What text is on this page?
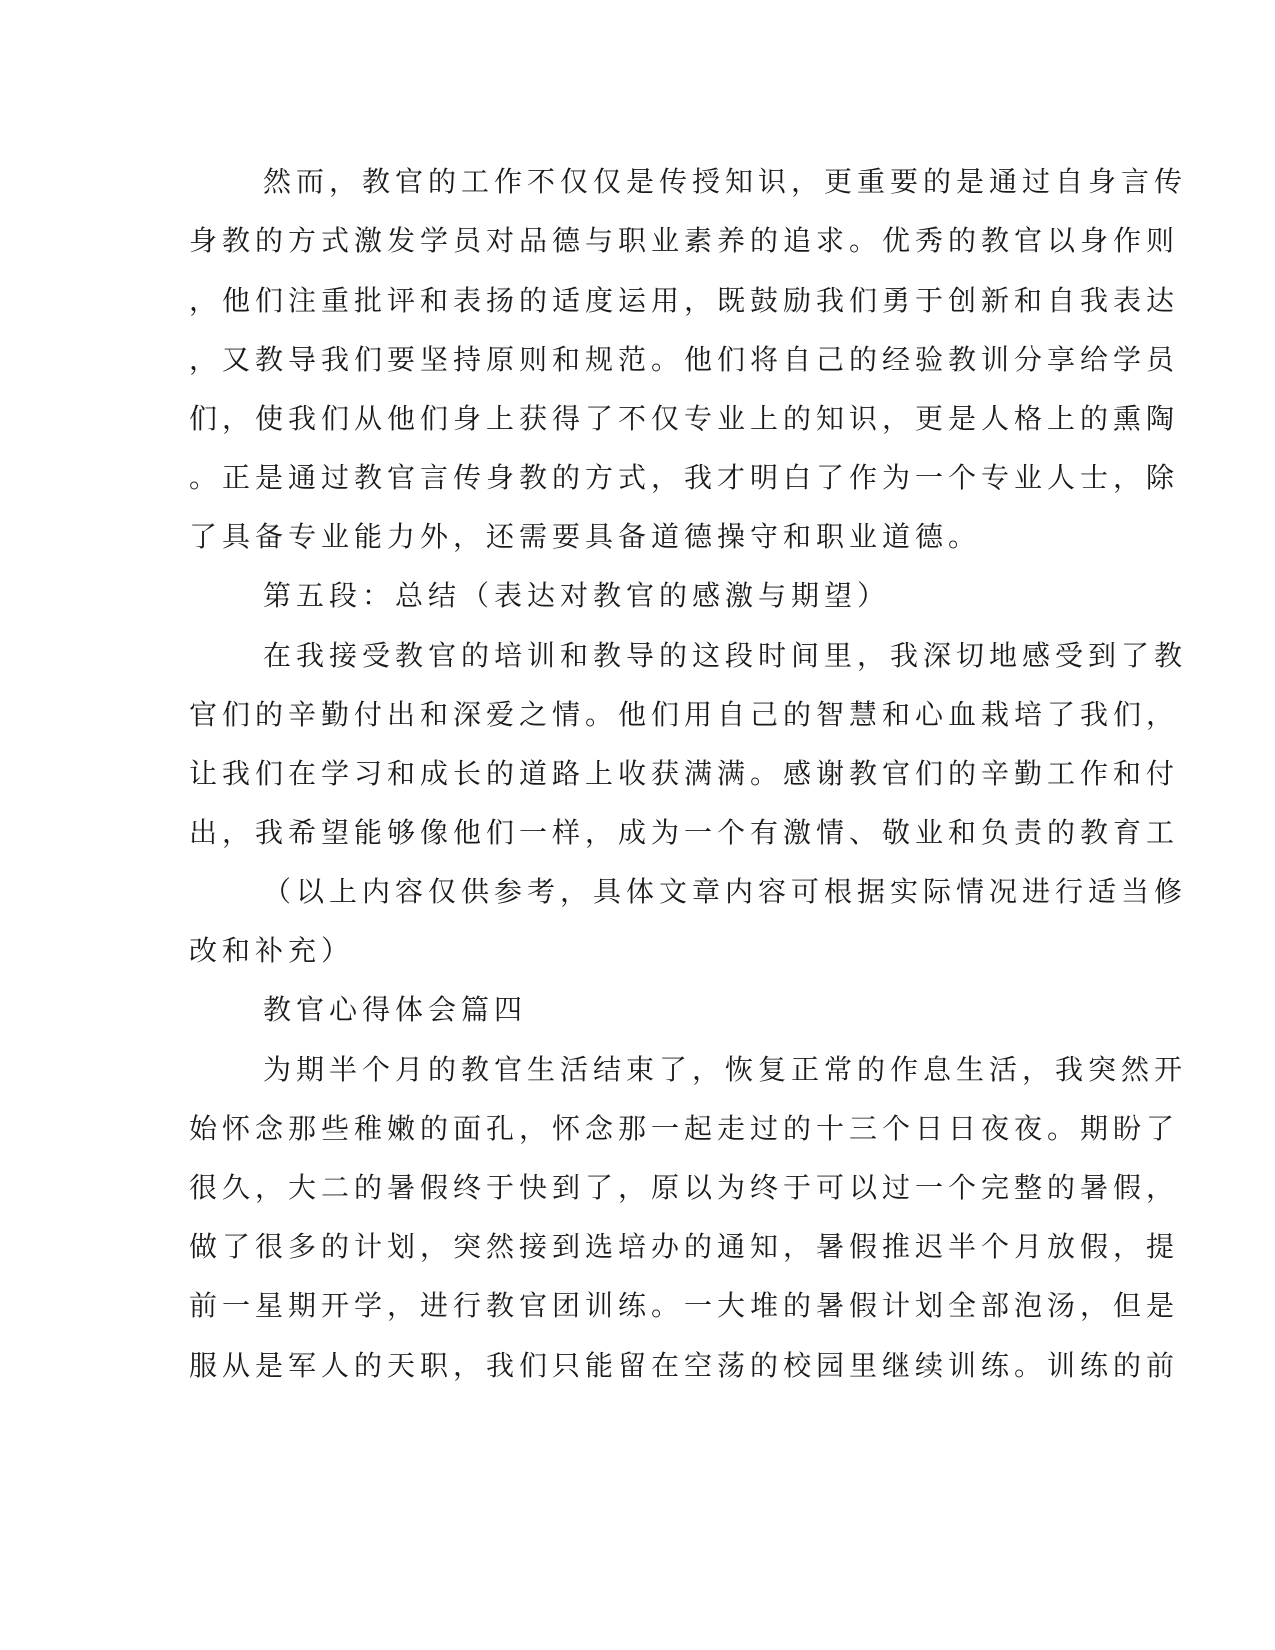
然而，教官的工作不仅仅是传授知识，更重要的是通过自身言传
身教的方式激发学员对品德与职业素养的追求。优秀的教官以身作则
，他们注重批评和表扬的适度运用，既鼓励我们勇于创新和自我表达
，又教导我们要坚持原则和规范。他们将自己的经验教训分享给学员
们，使我们从他们身上获得了不仅专业上的知识，更是人格上的熏陶
。正是通过教官言传身教的方式，我才明白了作为一个专业人士，除
了具备专业能力外，还需要具备道德操守和职业道德。
第五段：总结（表达对教官的感激与期望）
在我接受教官的培训和教导的这段时间里，我深切地感受到了教
官们的辛勤付出和深爱之情。他们用自己的智慧和心血栽培了我们，
让我们在学习和成长的道路上收获满满。感谢教官们的辛勤工作和付
出，我希望能够像他们一样，成为一个有激情、敬业和负责的教育工
（以上内容仅供参考，具体文章内容可根据实际情况进行适当修
改和补充）
教官心得体会篇四
为期半个月的教官生活结束了，恢复正常的作息生活，我突然开
始怀念那些稚嫩的面孔，怀念那一起走过的十三个日日夜夜。期盼了
很久，大二的暑假终于快到了，原以为终于可以过一个完整的暑假，
做了很多的计划，突然接到选培办的通知，暑假推迟半个月放假，提
前一星期开学，进行教官团训练。一大堆的暑假计划全部泡汤，但是
服从是军人的天职，我们只能留在空荡的校园里继续训练。训练的前
